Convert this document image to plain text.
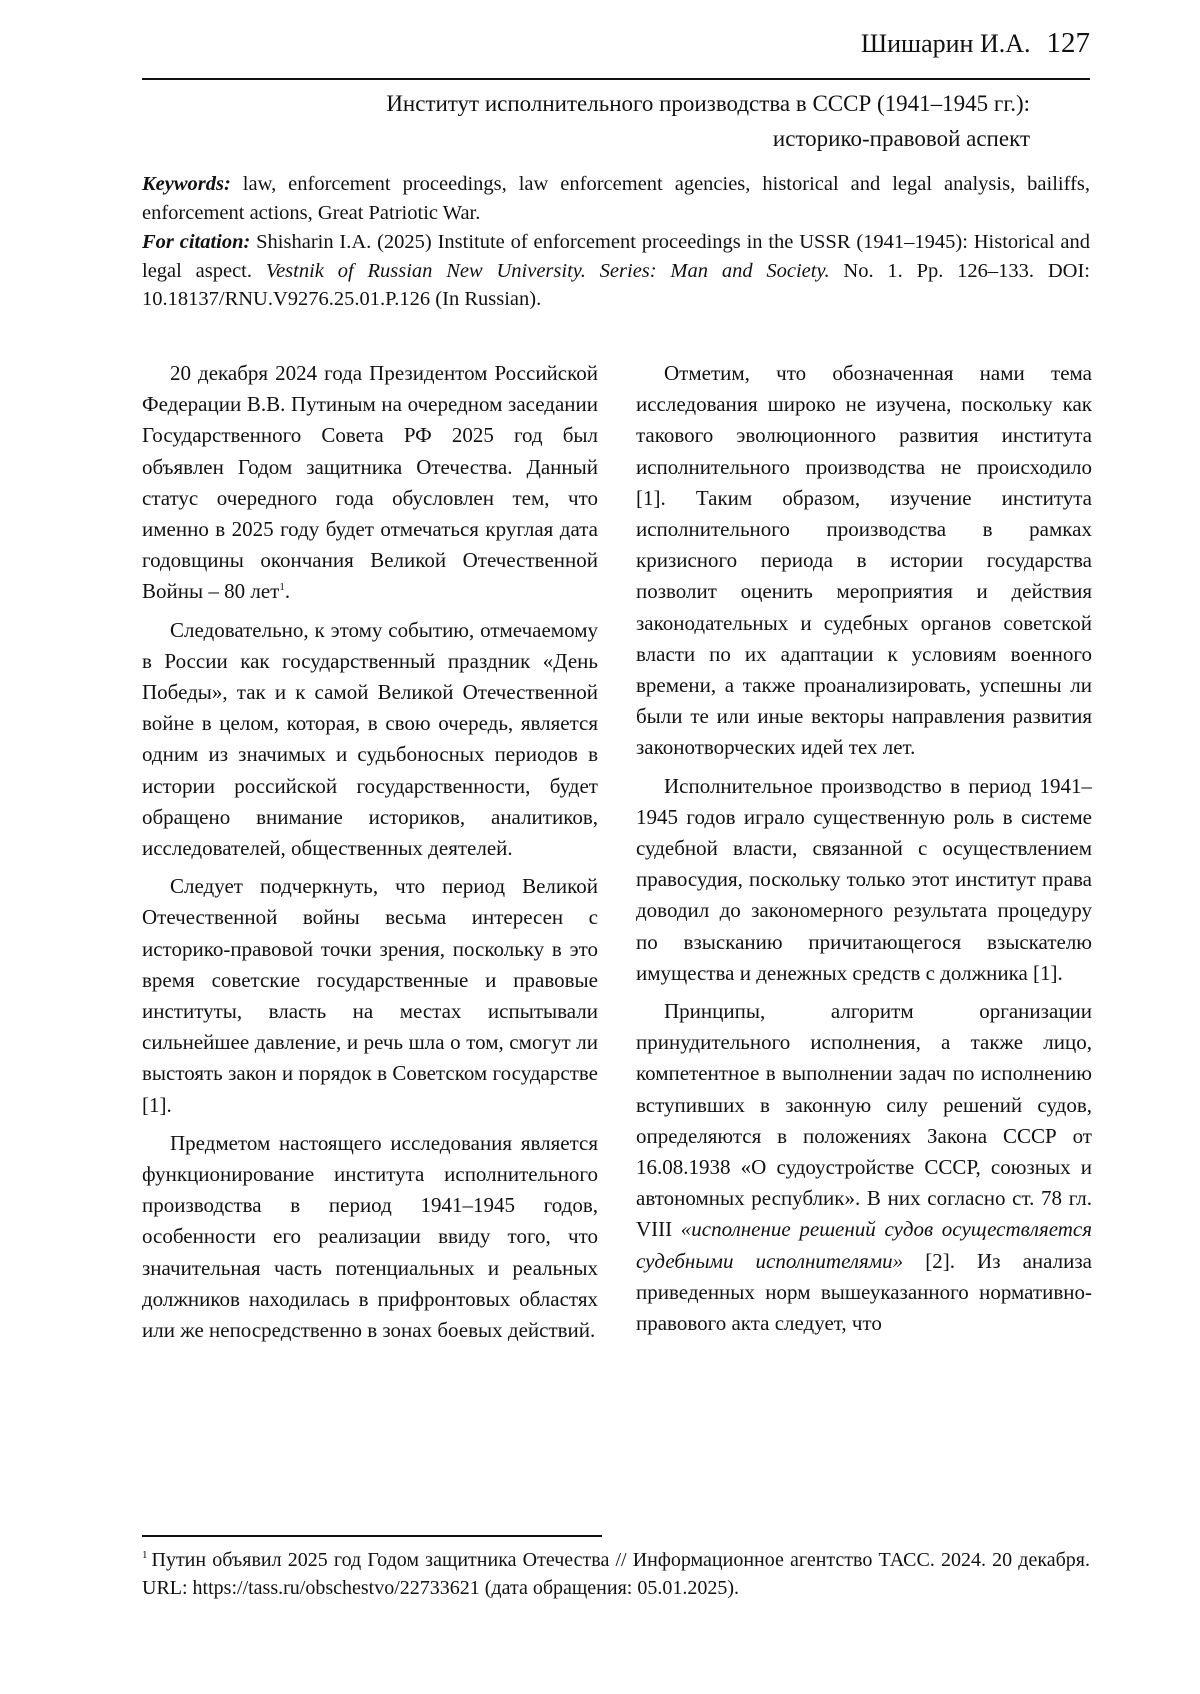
Шишарин И.А. 127
Институт исполнительного производства в СССР (1941–1945 гг.):
историко-правовой аспект

Keywords: law, enforcement proceedings, law enforcement agencies, historical and legal analysis, bailiffs, enforcement actions, Great Patriotic War.

For citation: Shisharin I.A. (2025) Institute of enforcement proceedings in the USSR (1941–1945): Historical and legal aspect. Vestnik of Russian New University. Series: Man and Society. No. 1. Pp. 126–133. DOI: 10.18137/RNU.V9276.25.01.P.126 (In Russian).

20 декабря 2024 года Президентом Российской Федерации В.В. Путиным на очередном заседании Государственного Совета РФ 2025 год был объявлен Годом защитника Отечества. Данный статус очередного года обусловлен тем, что именно в 2025 году будет отмечаться круглая дата годовщины окончания Великой Отечественной Войны – 80 лет$^1$.

Следовательно, к этому событию, отмечаемому в России как государственный праздник «День Победы», так и к самой Великой Отечественной войне в целом, которая, в свою очередь, является одним из значимых и судьбоносных периодов в истории российской государственности, будет обращено внимание историков, аналитиков, исследователей, общественных деятелей.

Следует подчеркнуть, что период Великой Отечественной войны весьма интересен с историко-правовой точки зрения, поскольку в это время советские государственные и правовые институты, власть на местах испытывали сильнейшее давление, и речь шла о том, смогут ли выстоять закон и порядок в Советском государстве [1].

Предметом настоящего исследования является функционирование института исполнительного производства в период 1941–1945 годов, особенности его реализации ввиду того, что значительная часть потенциальных и реальных должников находилась в прифронтовых областях или же непосредственно в зонах боевых действий.

Отметим, что обозначенная нами тема исследования широко не изучена, поскольку как такового эволюционного развития института исполнительного производства не происходило [1]. Таким образом, изучение института исполнительного производства в рамках кризисного периода в истории государства позволит оценить мероприятия и действия законодательных и судебных органов советской власти по их адаптации к условиям военного времени, а также проанализировать, успешны ли были те или иные векторы направления развития законотворческих идей тех лет.

Исполнительное производство в период 1941–1945 годов играло существенную роль в системе судебной власти, связанной с осуществлением правосудия, поскольку только этот институт права доводил до закономерного результата процедуру по взысканию причитающегося взыскателю имущества и денежных средств с должника [1].

Принципы, алгоритм организации принудительного исполнения, а также лицо, компетентное в выполнении задач по исполнению вступивших в законную силу решений судов, определяются в положениях Закона СССР от 16.08.1938 «О судоустройстве СССР, союзных и автономных республик». В них согласно ст. 78 гл. VIII «исполнение решений судов осуществляется судебными исполнителями» [2]. Из анализа приведенных норм вышеуказанного нормативно-правового акта следует, что

$^1$ Путин объявил 2025 год Годом защитника Отечества // Информационное агентство ТАСС. 2024. 20 декабря. URL: https://tass.ru/obschestvo/22733621 (дата обращения: 05.01.2025).
